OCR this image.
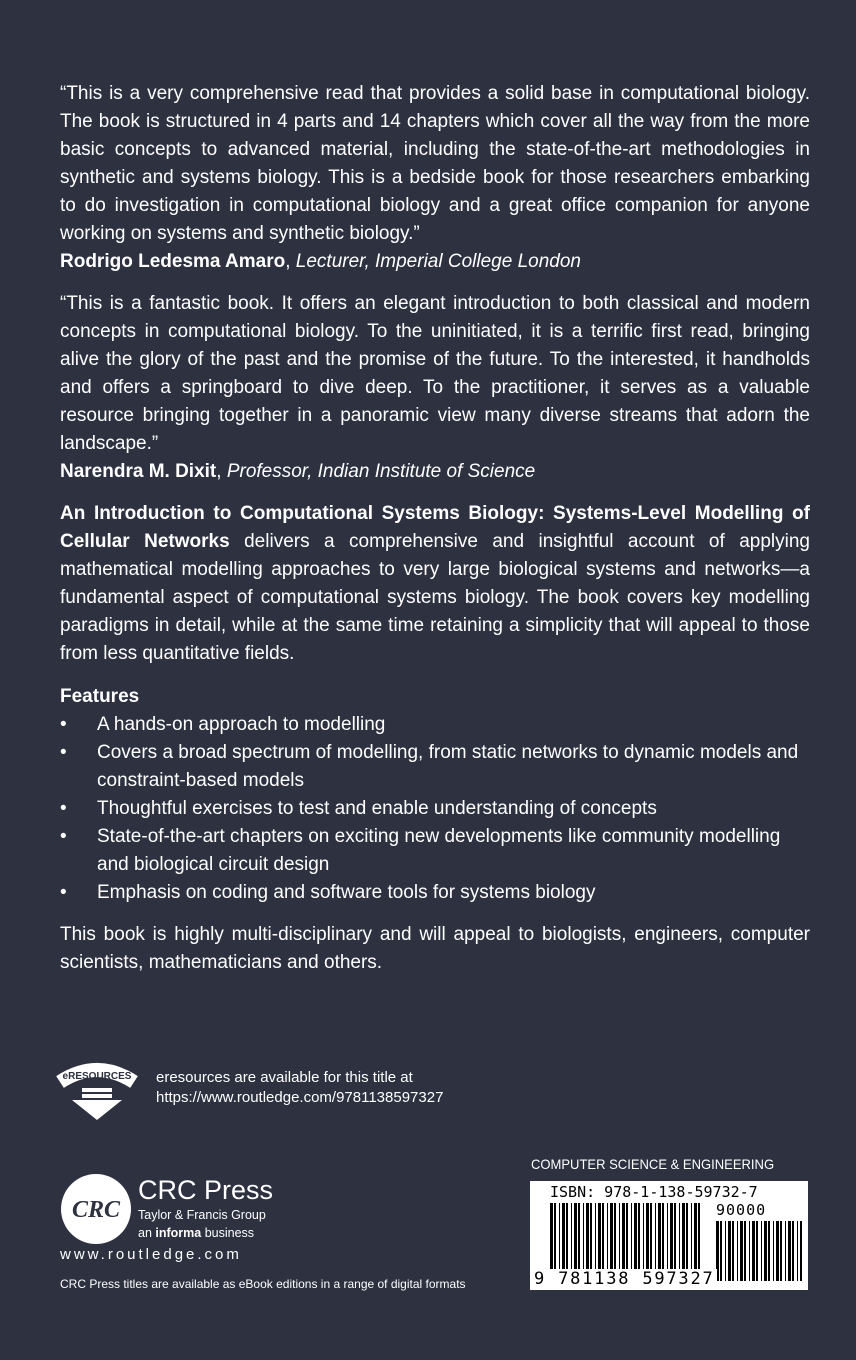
“This is a very comprehensive read that provides a solid base in computational biology. The book is structured in 4 parts and 14 chapters which cover all the way from the more basic concepts to advanced material, including the state-of-the-art methodologies in synthetic and systems biology. This is a bedside book for those researchers embarking to do investigation in computational biology and a great office companion for anyone working on systems and synthetic biology.”

Rodrigo Ledesma Amaro, Lecturer, Imperial College London

“This is a fantastic book. It offers an elegant introduction to both classical and modern concepts in computational biology. To the uninitiated, it is a terrific first read, bringing alive the glory of the past and the promise of the future. To the interested, it handholds and offers a springboard to dive deep. To the practitioner, it serves as a valuable resource bringing together in a panoramic view many diverse streams that adorn the landscape.”

Narendra M. Dixit, Professor, Indian Institute of Science

An Introduction to Computational Systems Biology: Systems-Level Modelling of Cellular Networks delivers a comprehensive and insightful account of applying mathematical modelling approaches to very large biological systems and networks—a fundamental aspect of computational systems biology. The book covers key modelling paradigms in detail, while at the same time retaining a simplicity that will appeal to those from less quantitative fields.

Features

• A hands-on approach to modelling
• Covers a broad spectrum of modelling, from static networks to dynamic models and constraint-based models
• Thoughtful exercises to test and enable understanding of concepts
• State-of-the-art chapters on exciting new developments like community modelling and biological circuit design
• Emphasis on coding and software tools for systems biology

This book is highly multi-disciplinary and will appeal to biologists, engineers, computer scientists, mathematicians and others.

eRESOURCES eresources are available for this title at
https://www.routledge.com/9781138597327
CRC
CRC Press
Taylor & Francis Group
an informa business
www.routledge.com
CRC Press titles are available as eBook editions in a range of digital formats
COMPUTER SCIENCE & ENGINEERING
ISBN: 978-1-138-59732-7
90000
9 781138 597327
